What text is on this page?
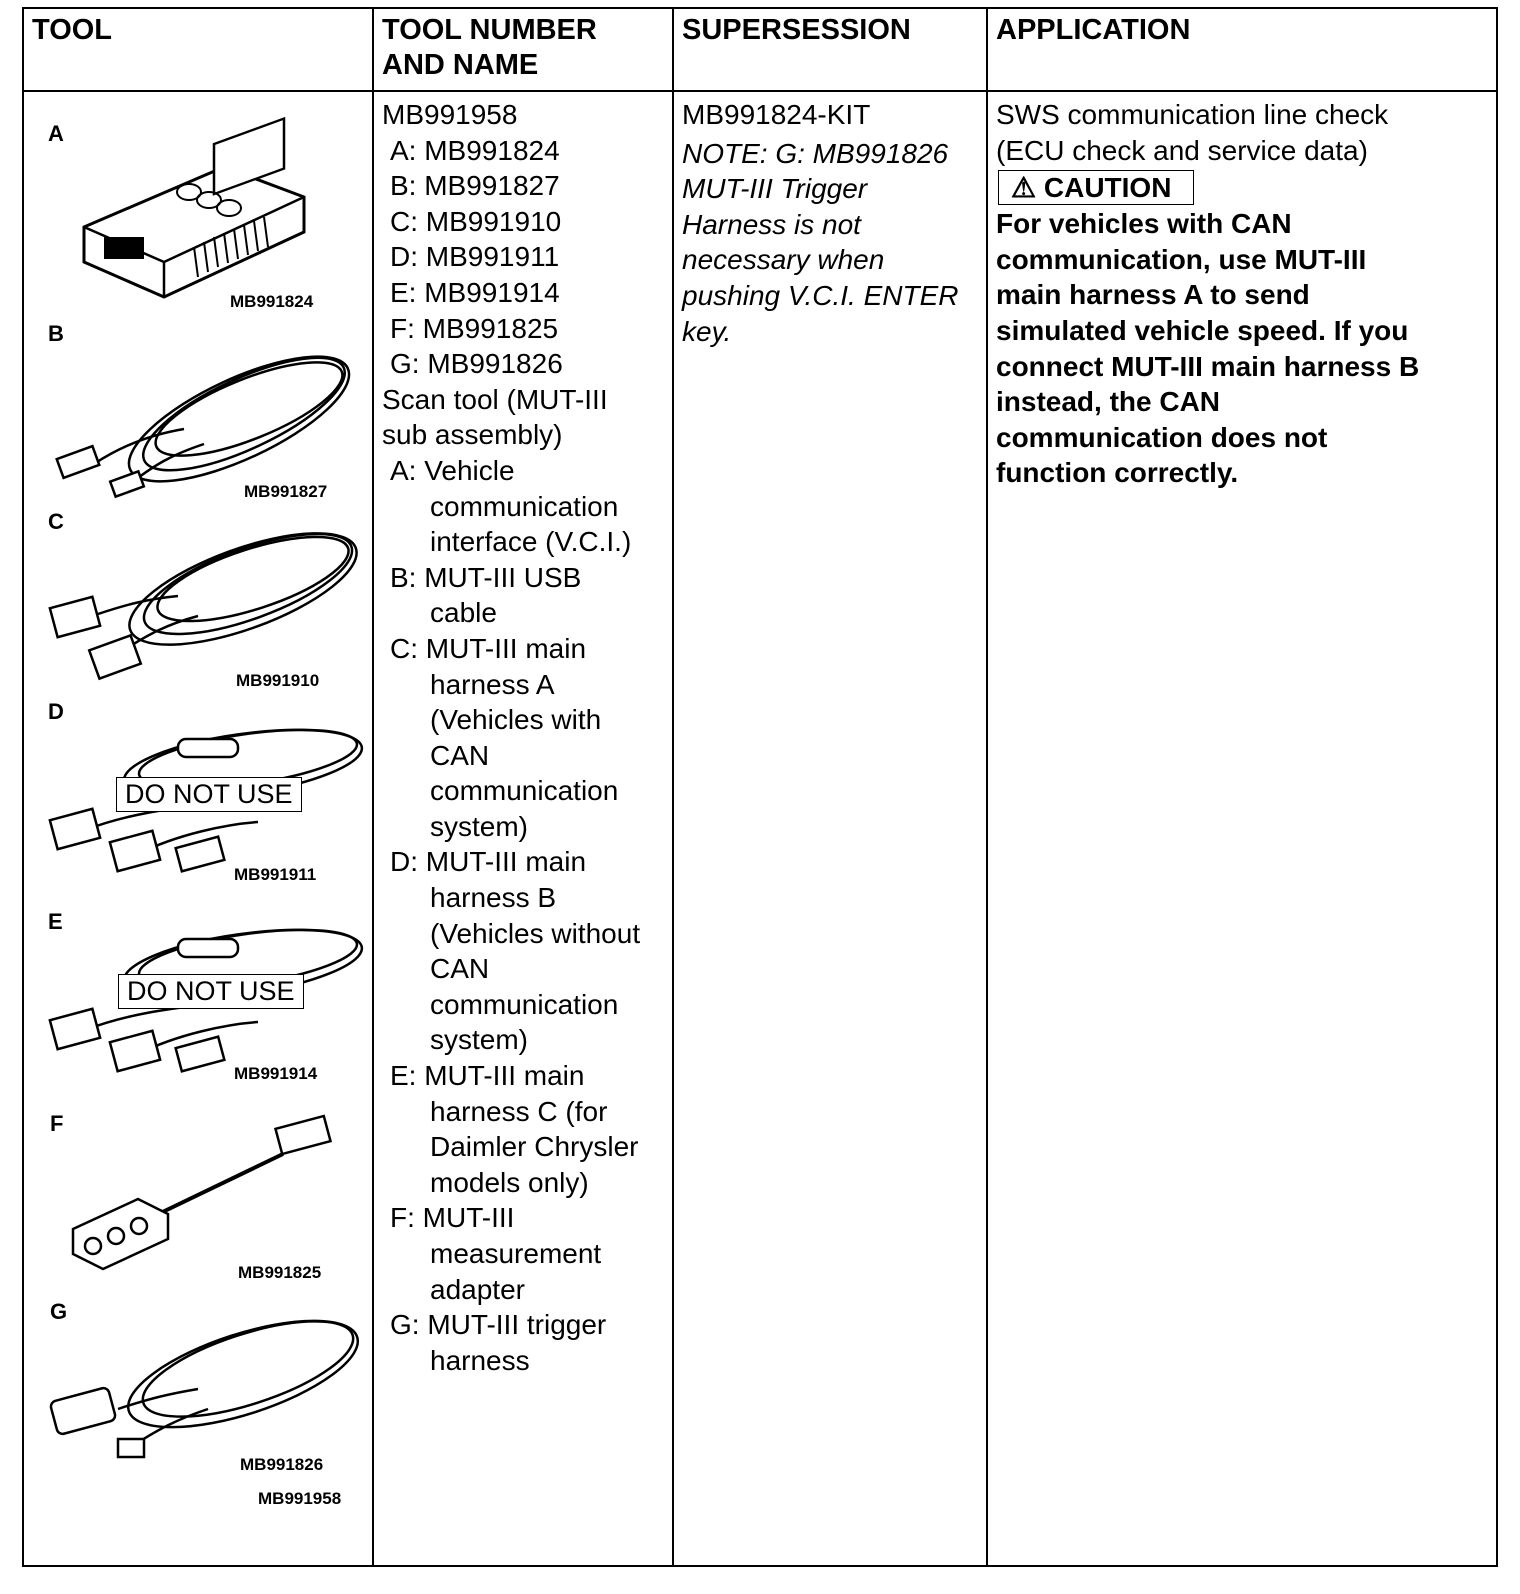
TOOL	TOOL NUMBER AND NAME
SUPERSESSION	APPLICATION
A
MB991824
B
MB991827
C
MB991910
D
DO NOT USE
MB991911
E
DO NOT USE
MB991914
F
MB991825
G
MB991826
MB991958
MB991958
A: MB991824
B: MB991827
C: MB991910
D: MB991911
E: MB991914
F: MB991825
G: MB991826
Scan tool (MUT-III
sub assembly)
A: Vehicle
communication
interface (V.C.I.)
B: MUT-III USB
cable
C: MUT-III main
harness A
(Vehicles with
CAN
communication
system)
D: MUT-III main
harness B
(Vehicles without
CAN
communication
system)
E: MUT-III main
harness C (for
Daimler Chrysler
models only)
F: MUT-III
measurement
adapter
G: MUT-III trigger
harness
MB991824-KIT
NOTE: G: MB991826
MUT-III Trigger
Harness is not
necessary when
pushing V.C.I. ENTER
key.
SWS communication line check
(ECU check and service data)
⚠ CAUTION
For vehicles with CAN
communication, use MUT-III
main harness A to send
simulated vehicle speed. If you
connect MUT-III main harness B
instead, the CAN
communication does not
function correctly.
